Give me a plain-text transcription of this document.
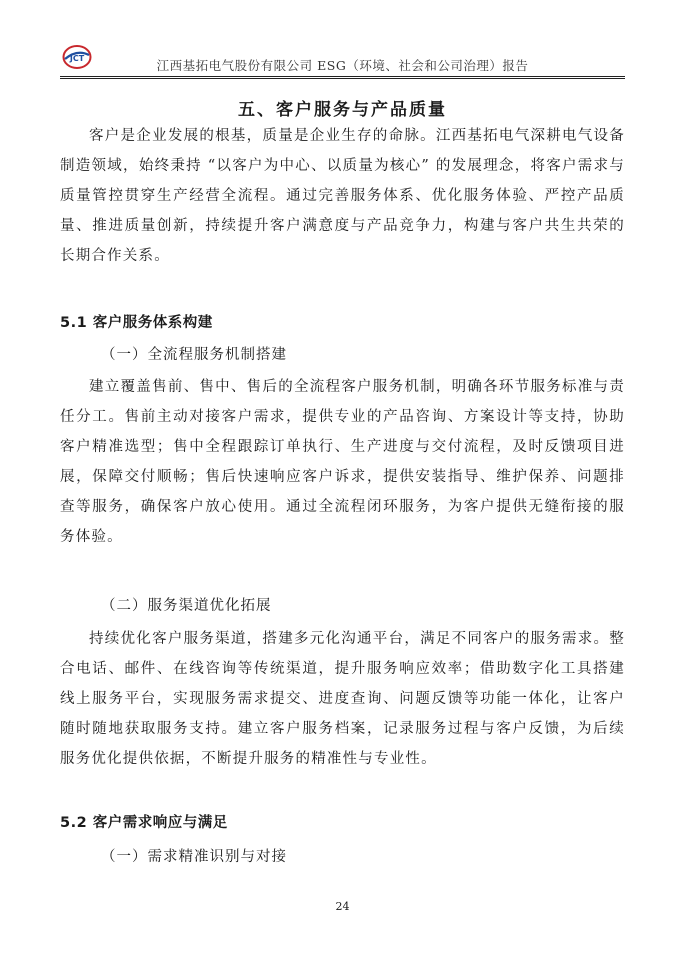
JCT	江西基拓电气股份有限公司 ESG（环境、社会和公司治理）报告
五、客户服务与产品质量

客户是企业发展的根基，质量是企业生存的命脉。江西基拓电气深耕电气设备制造领域，始终秉持 “以客户为中心、以质量为核心” 的发展理念，将客户需求与质量管控贯穿生产经营全流程。通过完善服务体系、优化服务体验、严控产品质量、推进质量创新，持续提升客户满意度与产品竞争力，构建与客户共生共荣的长期合作关系。

5.1 客户服务体系构建
（一）全流程服务机制搭建

建立覆盖售前、售中、售后的全流程客户服务机制，明确各环节服务标准与责任分工。售前主动对接客户需求，提供专业的产品咨询、方案设计等支持，协助客户精准选型；售中全程跟踪订单执行、生产进度与交付流程，及时反馈项目进展，保障交付顺畅；售后快速响应客户诉求，提供安装指导、维护保养、问题排查等服务，确保客户放心使用。通过全流程闭环服务，为客户提供无缝衔接的服务体验。

（二）服务渠道优化拓展

持续优化客户服务渠道，搭建多元化沟通平台，满足不同客户的服务需求。整合电话、邮件、在线咨询等传统渠道，提升服务响应效率；借助数字化工具搭建线上服务平台，实现服务需求提交、进度查询、问题反馈等功能一体化，让客户随时随地获取服务支持。建立客户服务档案，记录服务过程与客户反馈，为后续服务优化提供依据，不断提升服务的精准性与专业性。

5.2 客户需求响应与满足
（一）需求精准识别与对接
24
